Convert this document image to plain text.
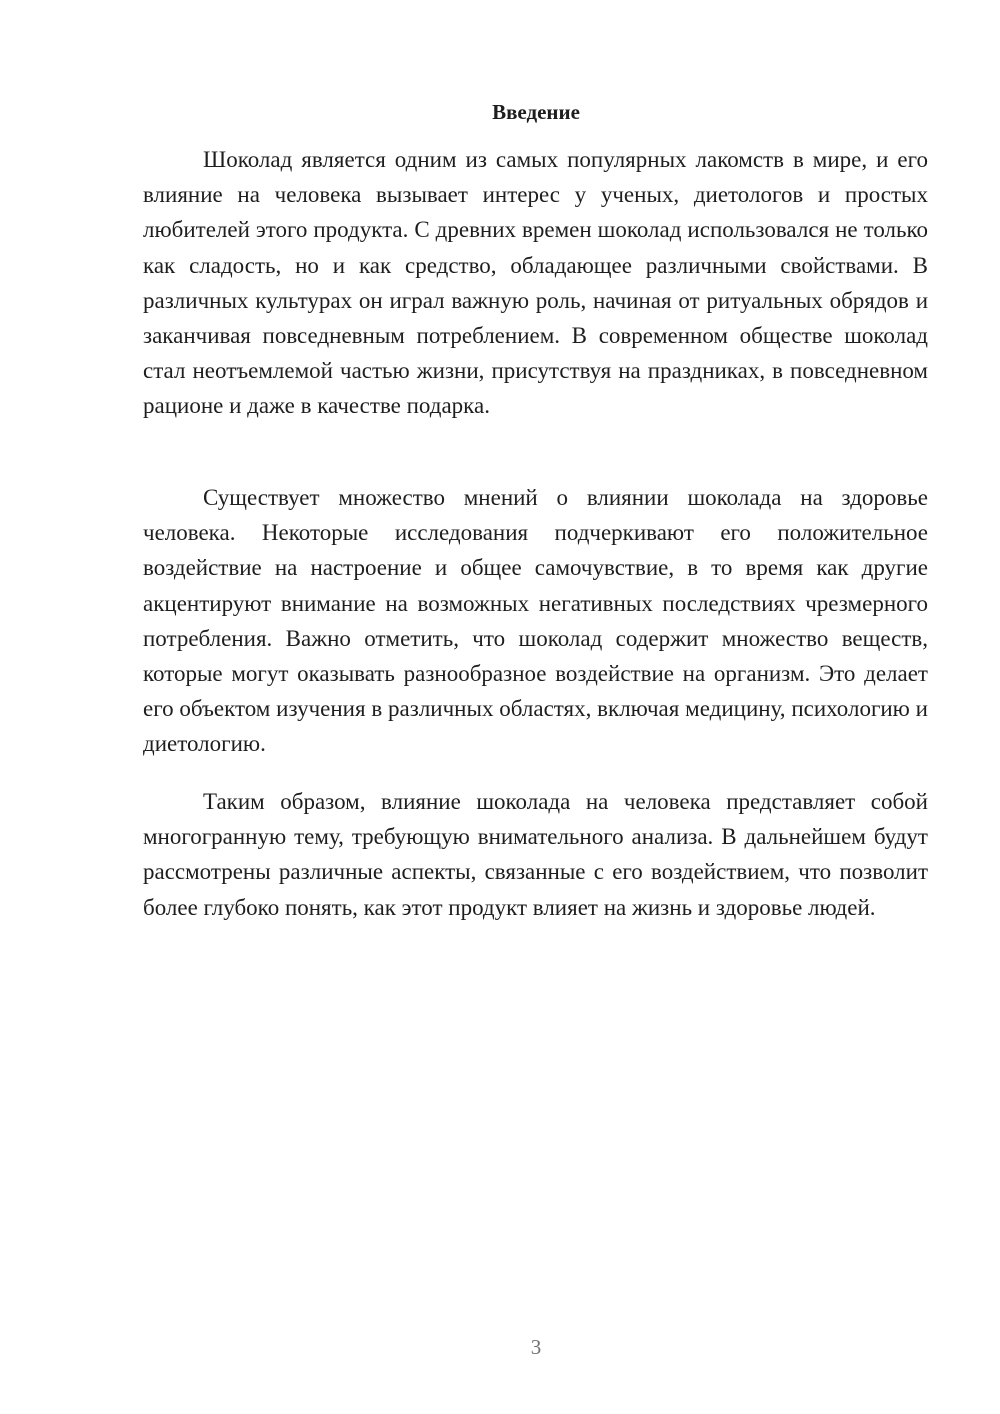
Введение

Шоколад является одним из самых популярных лакомств в мире, и его влияние на человека вызывает интерес у ученых, диетологов и простых любителей этого продукта. С древних времен шоколад использовался не только как сладость, но и как средство, обладающее различными свойствами. В различных культурах он играл важную роль, начиная от ритуальных обрядов и заканчивая повседневным потреблением. В современном обществе шоколад стал неотъемлемой частью жизни, присутствуя на праздниках, в повседневном рационе и даже в качестве подарка.

Существует множество мнений о влиянии шоколада на здоровье человека. Некоторые исследования подчеркивают его положительное воздействие на настроение и общее самочувствие, в то время как другие акцентируют внимание на возможных негативных последствиях чрезмерного потребления. Важно отметить, что шоколад содержит множество веществ, которые могут оказывать разнообразное воздействие на организм. Это делает его объектом изучения в различных областях, включая медицину, психологию и диетологию.

Таким образом, влияние шоколада на человека представляет собой многогранную тему, требующую внимательного анализа. В дальнейшем будут рассмотрены различные аспекты, связанные с его воздействием, что позволит более глубоко понять, как этот продукт влияет на жизнь и здоровье людей.

3
